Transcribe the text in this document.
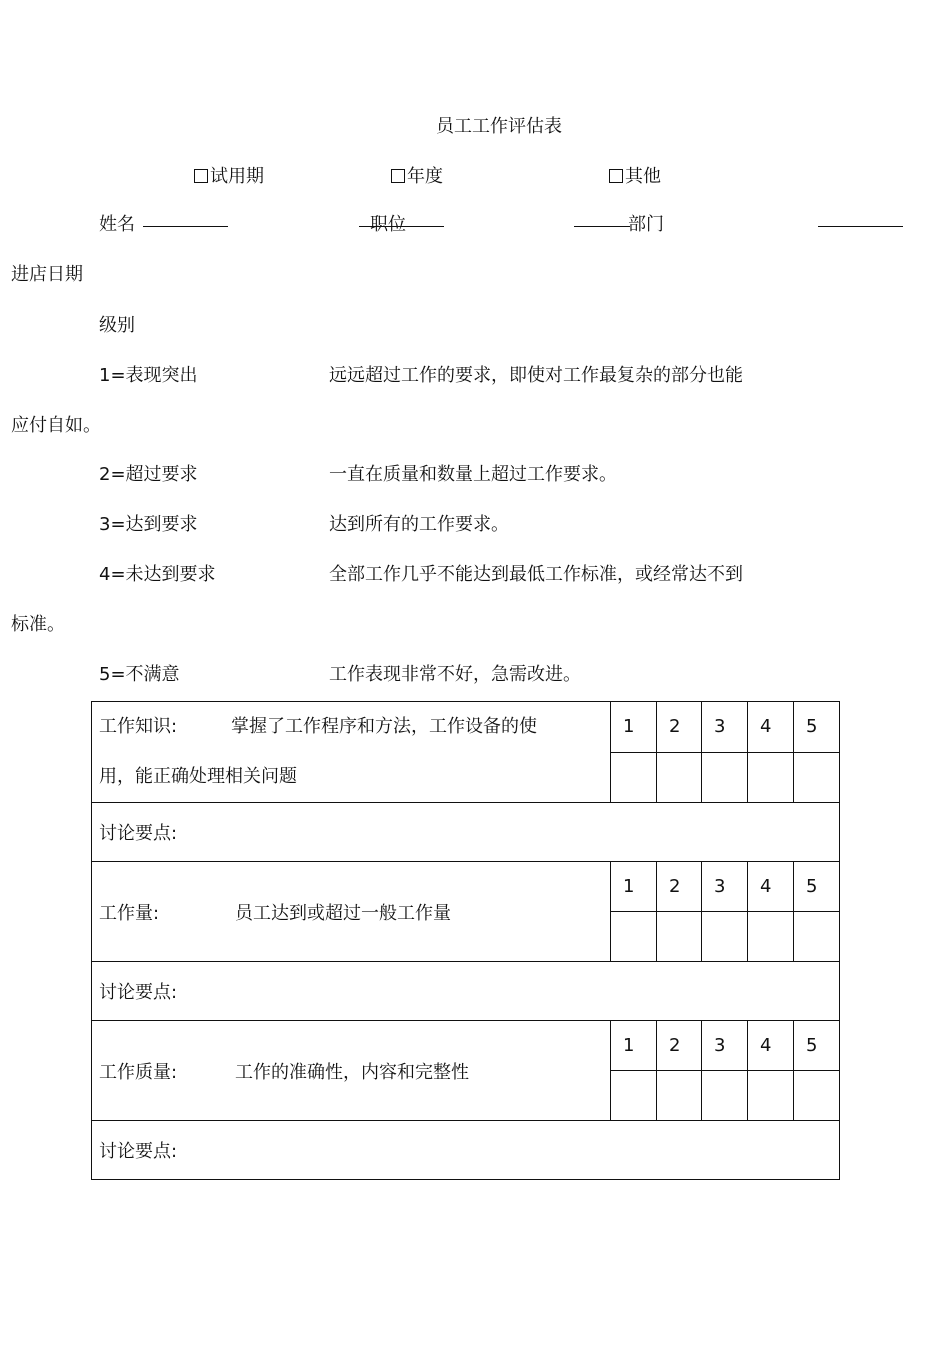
员工工作评估表
试用期	年度	其他
姓名	职位	部门
进店日期
级别
1=表现突出	远远超过工作的要求，即使对工作最复杂的部分也能
应付自如。
2=超过要求	一直在质量和数量上超过工作要求。
3=达到要求	达到所有的工作要求。
4=未达到要求	全部工作几乎不能达到最低工作标准，或经常达不到
标准。
5=不满意	工作表现非常不好，急需改进。
工作知识: 掌握了工作程序和方法，工作设备的使
用，能正确处理相关问题	1	2	3	4	5

讨论要点:					
工作量: 员工达到或超过一般工作量	1	2	3	4	5

讨论要点:					
工作质量: 工作的准确性，内容和完整性	1	2	3	4	5

讨论要点:					
